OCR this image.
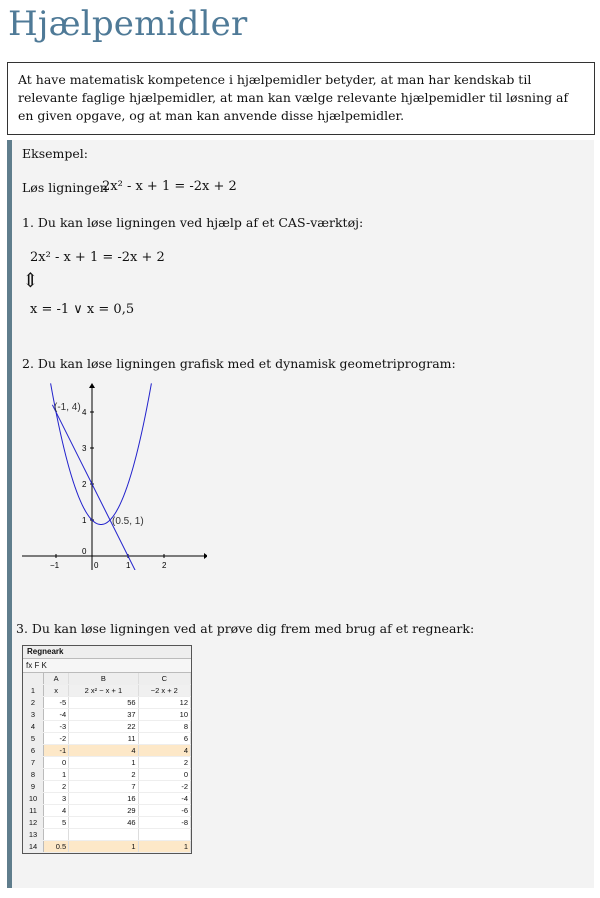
Hjælpemidler
At have matematisk kompetence i hjælpemidler betyder, at man har kendskab til relevante faglige hjælpemidler, at man kan vælge relevante hjælpemidler til løsning af en given opgave, og at man kan anvende disse hjælpemidler.
Eksempel:
Løs ligningen
2x² - x + 1 = -2x + 2
1. Du kan løse ligningen ved hjælp af et CAS-værktøj:
2x² - x + 1 = -2x + 2
⇕
x = -1 ∨ x = 0,5
2. Du kan løse ligningen grafisk med et dynamisk geometriprogram:
−1	0	1	2
0
1
2
3
4
(-1, 4)
(0.5, 1)
3. Du kan løse ligningen ved at prøve dig frem med brug af et regneark:
Regneark
fx F K
	A	B	C
1	x	2 x² − x + 1	−2 x + 2
2	-5	56	12
3	-4	37	10
4	-3	22	8
5	-2	11	6
6	-1	4	4
7	0	1	2
8	1	2	0
9	2	7	-2
10	3	16	-4
11	4	29	-6
12	5	46	-8
13			
14	0.5	1	1
